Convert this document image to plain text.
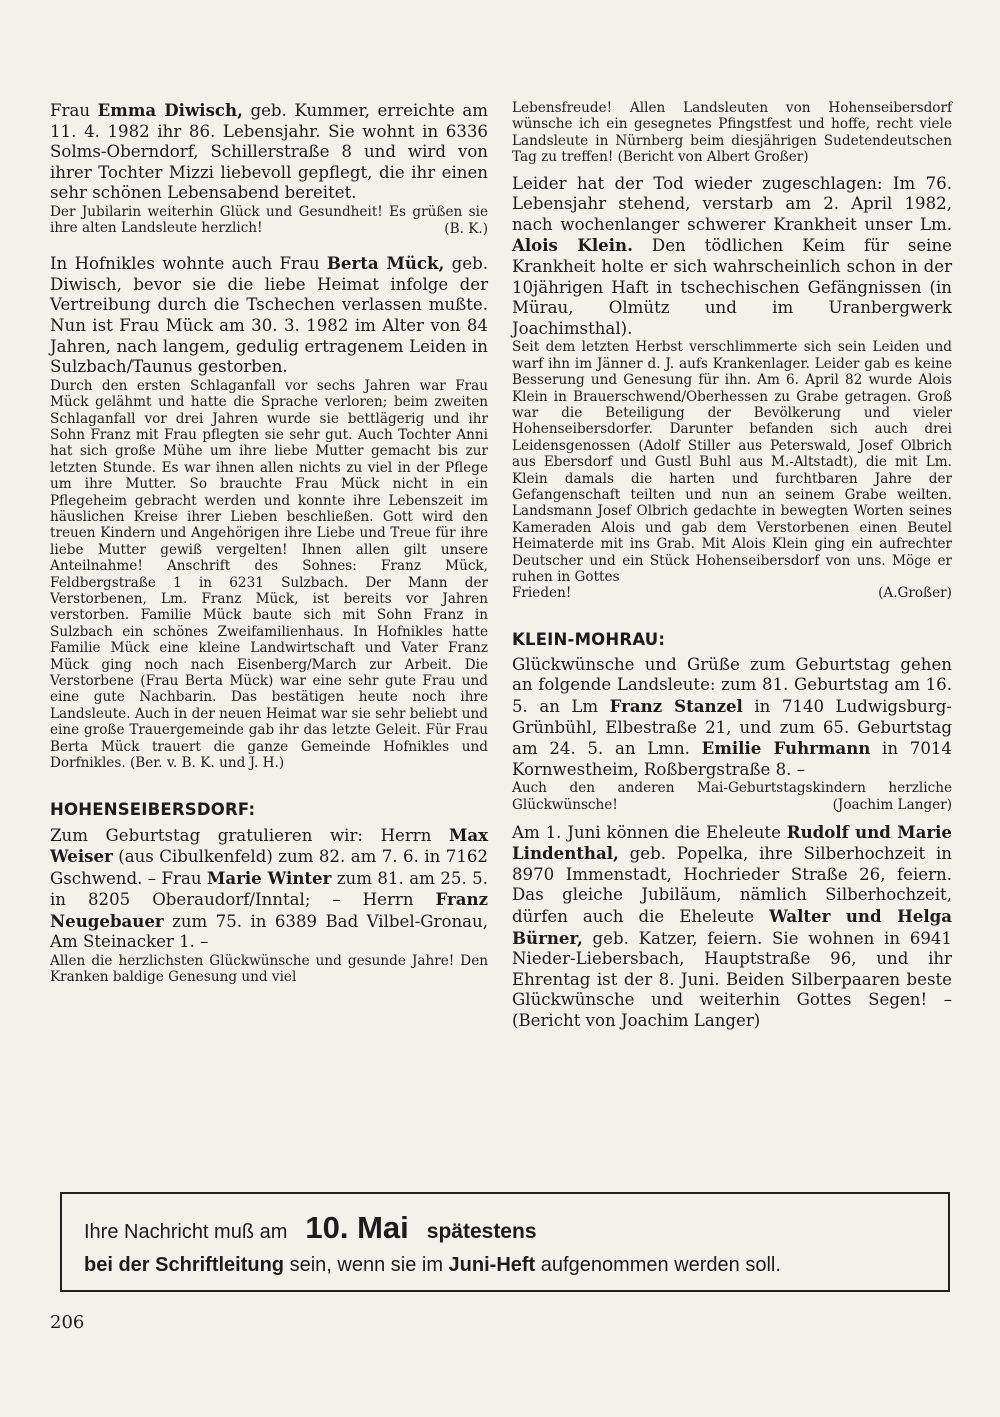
Frau Emma Diwisch, geb. Kummer, erreichte am 11. 4. 1982 ihr 86. Lebensjahr. Sie wohnt in 6336 Solms-Oberndorf, Schillerstraße 8 und wird von ihrer Tochter Mizzi liebevoll gepflegt, die ihr einen sehr schönen Lebensabend bereitet.

Der Jubilarin weiterhin Glück und Gesundheit! Es grüßen sie ihre alten Landsleute herzlich!	(B. K.)

In Hofnikles wohnte auch Frau Berta Mück, geb. Diwisch, bevor sie die liebe Heimat infolge der Vertreibung durch die Tschechen verlassen mußte. Nun ist Frau Mück am 30. 3. 1982 im Alter von 84 Jahren, nach langem, gedulig ertragenem Leiden in Sulzbach/Taunus gestorben.

Durch den ersten Schlaganfall vor sechs Jahren war Frau Mück gelähmt und hatte die Sprache verloren; beim zweiten Schlaganfall vor drei Jahren wurde sie bettlägerig und ihr Sohn Franz mit Frau pflegten sie sehr gut. Auch Tochter Anni hat sich große Mühe um ihre liebe Mutter gemacht bis zur letzten Stunde. Es war ihnen allen nichts zu viel in der Pflege um ihre Mutter. So brauchte Frau Mück nicht in ein Pflegeheim gebracht werden und konnte ihre Lebenszeit im häuslichen Kreise ihrer Lieben beschließen. Gott wird den treuen Kindern und Angehörigen ihre Liebe und Treue für ihre liebe Mutter gewiß vergelten! Ihnen allen gilt unsere Anteilnahme! Anschrift des Sohnes: Franz Mück, Feldbergstraße 1 in 6231 Sulzbach. Der Mann der Verstorbenen, Lm. Franz Mück, ist bereits vor Jahren verstorben. Familie Mück baute sich mit Sohn Franz in Sulzbach ein schönes Zweifamilienhaus. In Hofnikles hatte Familie Mück eine kleine Landwirtschaft und Vater Franz Mück ging noch nach Eisenberg/March zur Arbeit. Die Verstorbene (Frau Berta Mück) war eine sehr gute Frau und eine gute Nachbarin. Das bestätigen heute noch ihre Landsleute. Auch in der neuen Heimat war sie sehr beliebt und eine große Trauergemeinde gab ihr das letzte Geleit. Für Frau Berta Mück trauert die ganze Gemeinde Hofnikles und Dorfnikles. (Ber. v. B. K. und J. H.)

HOHENSEIBERSDORF:

Zum Geburtstag gratulieren wir: Herrn Max Weiser (aus Cibulkenfeld) zum 82. am 7. 6. in 7162 Gschwend. – Frau Marie Winter zum 81. am 25. 5. in 8205 Oberaudorf/Inntal; – Herrn Franz Neugebauer zum 75. in 6389 Bad Vilbel-Gronau, Am Steinacker 1. –

Allen die herzlichsten Glückwünsche und gesunde Jahre! Den Kranken baldige Genesung und viel

Lebensfreude! Allen Landsleuten von Hohenseibersdorf wünsche ich ein gesegnetes Pfingstfest und hoffe, recht viele Landsleute in Nürnberg beim diesjährigen Sudetendeutschen Tag zu treffen! (Bericht von Albert Großer)

Leider hat der Tod wieder zugeschlagen: Im 76. Lebensjahr stehend, verstarb am 2. April 1982, nach wochenlanger schwerer Krankheit unser Lm. Alois Klein. Den tödlichen Keim für seine Krankheit holte er sich wahrscheinlich schon in der 10jährigen Haft in tschechischen Gefängnissen (in Mürau, Olmütz und im Uranbergwerk Joachimsthal).

Seit dem letzten Herbst verschlimmerte sich sein Leiden und warf ihn im Jänner d. J. aufs Krankenlager. Leider gab es keine Besserung und Genesung für ihn. Am 6. April 82 wurde Alois Klein in Brauerschwend/Oberhessen zu Grabe getragen. Groß war die Beteiligung der Bevölkerung und vieler Hohenseibersdorfer. Darunter befanden sich auch drei Leidensgenossen (Adolf Stiller aus Peterswald, Josef Olbrich aus Ebersdorf und Gustl Buhl aus M.-Altstadt), die mit Lm. Klein damals die harten und furchtbaren Jahre der Gefangenschaft teilten und nun an seinem Grabe weilten. Landsmann Josef Olbrich gedachte in bewegten Worten seines Kameraden Alois und gab dem Verstorbenen einen Beutel Heimaterde mit ins Grab. Mit Alois Klein ging ein aufrechter Deutscher und ein Stück Hohenseibersdorf von uns. Möge er ruhen in Gottes

Frieden!	(A.Großer)
KLEIN-MOHRAU:

Glückwünsche und Grüße zum Geburtstag gehen an folgende Landsleute: zum 81. Geburtstag am 16. 5. an Lm Franz Stanzel in 7140 Ludwigsburg-Grünbühl, Elbestraße 21, und zum 65. Geburtstag am 24. 5. an Lmn. Emilie Fuhrmann in 7014 Kornwestheim, Roßbergstraße 8. –

Auch den anderen Mai-Geburtstagskindern herzliche Glückwünsche!	(Joachim Langer)

Am 1. Juni können die Eheleute Rudolf und Marie Lindenthal, geb. Popelka, ihre Silberhochzeit in 8970 Immenstadt, Hochrieder Straße 26, feiern. Das gleiche Jubiläum, nämlich Silberhochzeit, dürfen auch die Eheleute Walter und Helga Bürner, geb. Katzer, feiern. Sie wohnen in 6941 Nieder-Liebersbach, Hauptstraße 96, und ihr Ehrentag ist der 8. Juni. Beiden Silberpaaren beste Glückwünsche und weiterhin Gottes Segen! – (Bericht von Joachim Langer)

Ihre Nachricht muß am 10. Mai spätestens
bei der Schriftleitung sein, wenn sie im Juni-Heft aufgenommen werden soll.
206
